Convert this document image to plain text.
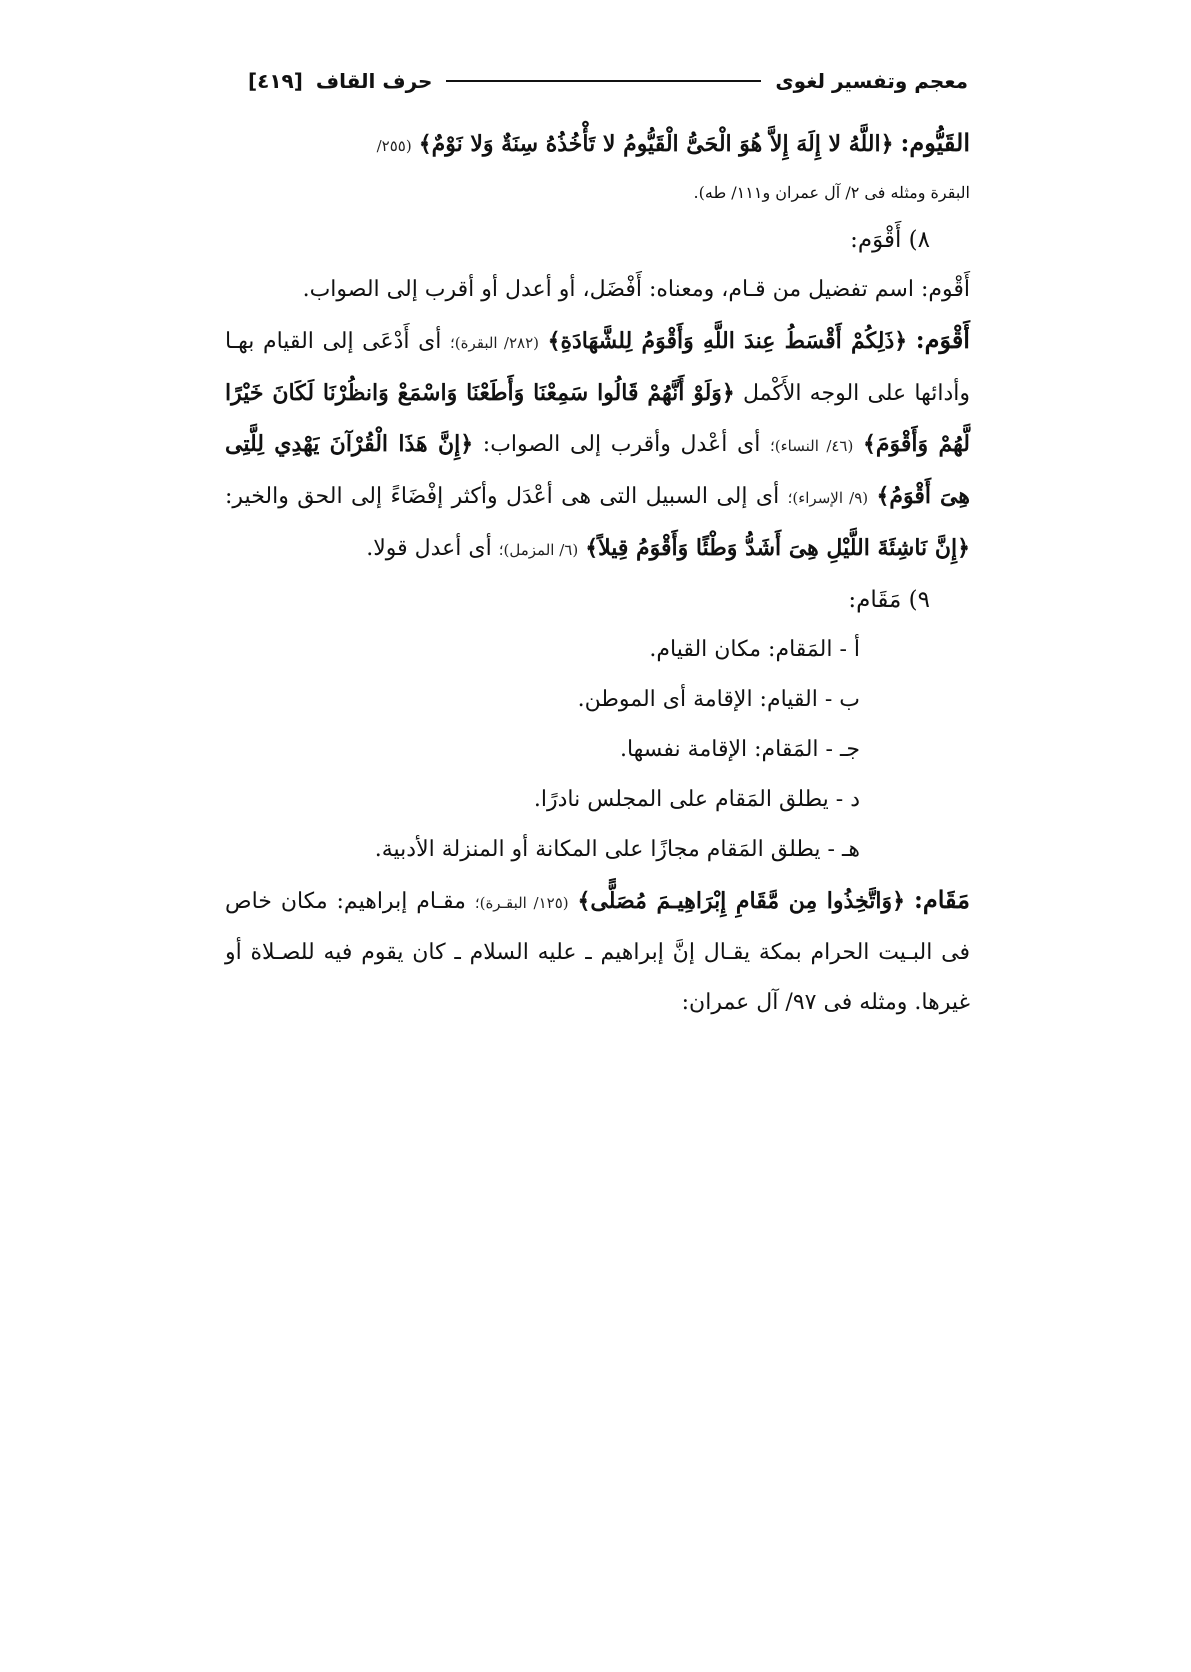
معجم وتفسير لغوى
حرف القاف [٤١٩]

القَيُّوم: ﴿اللَّهُ لا إِلَهَ إِلاَّ هُوَ الْحَىُّ الْقَيُّومُ لا تَأْخُذُهُ سِنَةٌ وَلا نَوْمٌ﴾ (٢٥٥/

البقرة ومثله فى ٢/ آل عمران و١١١/ طه).

٨) أَقْوَم:

أَقْوم: اسم تفضيل من قـام، ومعناه: أَفْضَل، أو أعدل أو أقرب إلى الصواب.

أَقْوَم: ﴿ذَلِكُمْ أَقْسَطُ عِندَ اللَّهِ وَأَقْوَمُ لِلشَّهَادَةِ﴾ (٢٨٢/ البقرة)؛ أى أَدْعَى إلى القيام بهـا وأدائها على الوجه الأَكْمل ﴿وَلَوْ أَنَّهُمْ قَالُوا سَمِعْنَا وَأَطَعْنَا وَاسْمَعْ وَانظُرْنَا لَكَانَ خَيْرًا لَّهُمْ وَأَقْوَمَ﴾ (٤٦/ النساء)؛ أى أعْدل وأقرب إلى الصواب: ﴿إِنَّ هَذَا الْقُرْآنَ يَهْدِي لِلَّتِى هِىَ أَقْوَمُ﴾ (٩/ الإسراء)؛ أى إلى السبيل التى هى أعْدَل وأكثر إفْضَاءً إلى الحق والخير: ﴿إِنَّ نَاشِئَةَ اللَّيْلِ هِىَ أَشَدُّ وَطْئًا وَأَقْوَمُ قِيلاً﴾ (٦/ المزمل)؛ أى أعدل قولا.

٩) مَقَام:

أ - المَقام: مكان القيام.

ب - القيام: الإقامة أى الموطن.

جـ - المَقام: الإقامة نفسها.

د - يطلق المَقام على المجلس نادرًا.

هـ - يطلق المَقام مجازًا على المكانة أو المنزلة الأدبية.

مَقَام: ﴿وَاتَّخِذُوا مِن مَّقَامِ إِبْرَاهِيـمَ مُصَلًّى﴾ (١٢٥/ البقـرة)؛ مقـام إبراهيم: مكان خاص فى البـيت الحرام بمكة يقـال إنَّ إبراهيم ـ عليه السلام ـ كان يقوم فيه للصـلاة أو غيرها. ومثله فى ٩٧/ آل عمران:
